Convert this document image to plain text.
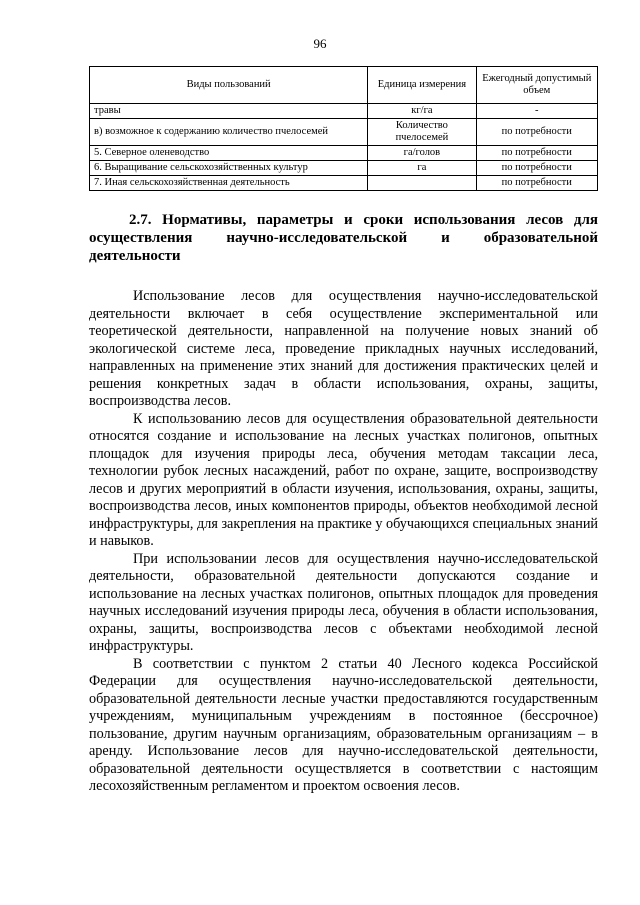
96
Виды пользований	Единица измерения	Ежегодный допустимый объем
травы	кг/га	-
в) возможное к содержанию количество пчелосемей	Количество пчелосемей	по потребности
5. Северное оленеводство	га/голов	по потребности
6. Выращивание сельскохозяйственных культур	га	по потребности
7. Иная сельскохозяйственная деятельность		по потребности
2.7. Нормативы, параметры и сроки использования лесов для осуществления научно-исследовательской и образовательной деятельности

Использование лесов для осуществления научно-исследовательской деятельности включает в себя осуществление экспериментальной или теоретической деятельности, направленной на получение новых знаний об экологической системе леса, проведение прикладных научных исследований, направленных на применение этих знаний для достижения практических целей и решения конкретных задач в области использования, охраны, защиты, воспроизводства лесов.

К использованию лесов для осуществления образовательной деятельности относятся создание и использование на лесных участках полигонов, опытных площадок для изучения природы леса, обучения методам таксации леса, технологии рубок лесных насаждений, работ по охране, защите, воспроизводству лесов и других мероприятий в области изучения, использования, охраны, защиты, воспроизводства лесов, иных компонентов природы, объектов необходимой лесной инфраструктуры, для закрепления на практике у обучающихся специальных знаний и навыков.

При использовании лесов для осуществления научно-исследовательской деятельности, образовательной деятельности допускаются создание и использование на лесных участках полигонов, опытных площадок для проведения научных исследований изучения природы леса, обучения в области использования, охраны, защиты, воспроизводства лесов с объектами необходимой лесной инфраструктуры.

В соответствии с пунктом 2 статьи 40 Лесного кодекса Российской Федерации для осуществления научно-исследовательской деятельности, образовательной деятельности лесные участки предоставляются государственным учреждениям, муниципальным учреждениям в постоянное (бессрочное) пользование, другим научным организациям, образовательным организациям – в аренду. Использование лесов для научно-исследовательской деятельности, образовательной деятельности осуществляется в соответствии с настоящим лесохозяйственным регламентом и проектом освоения лесов.
